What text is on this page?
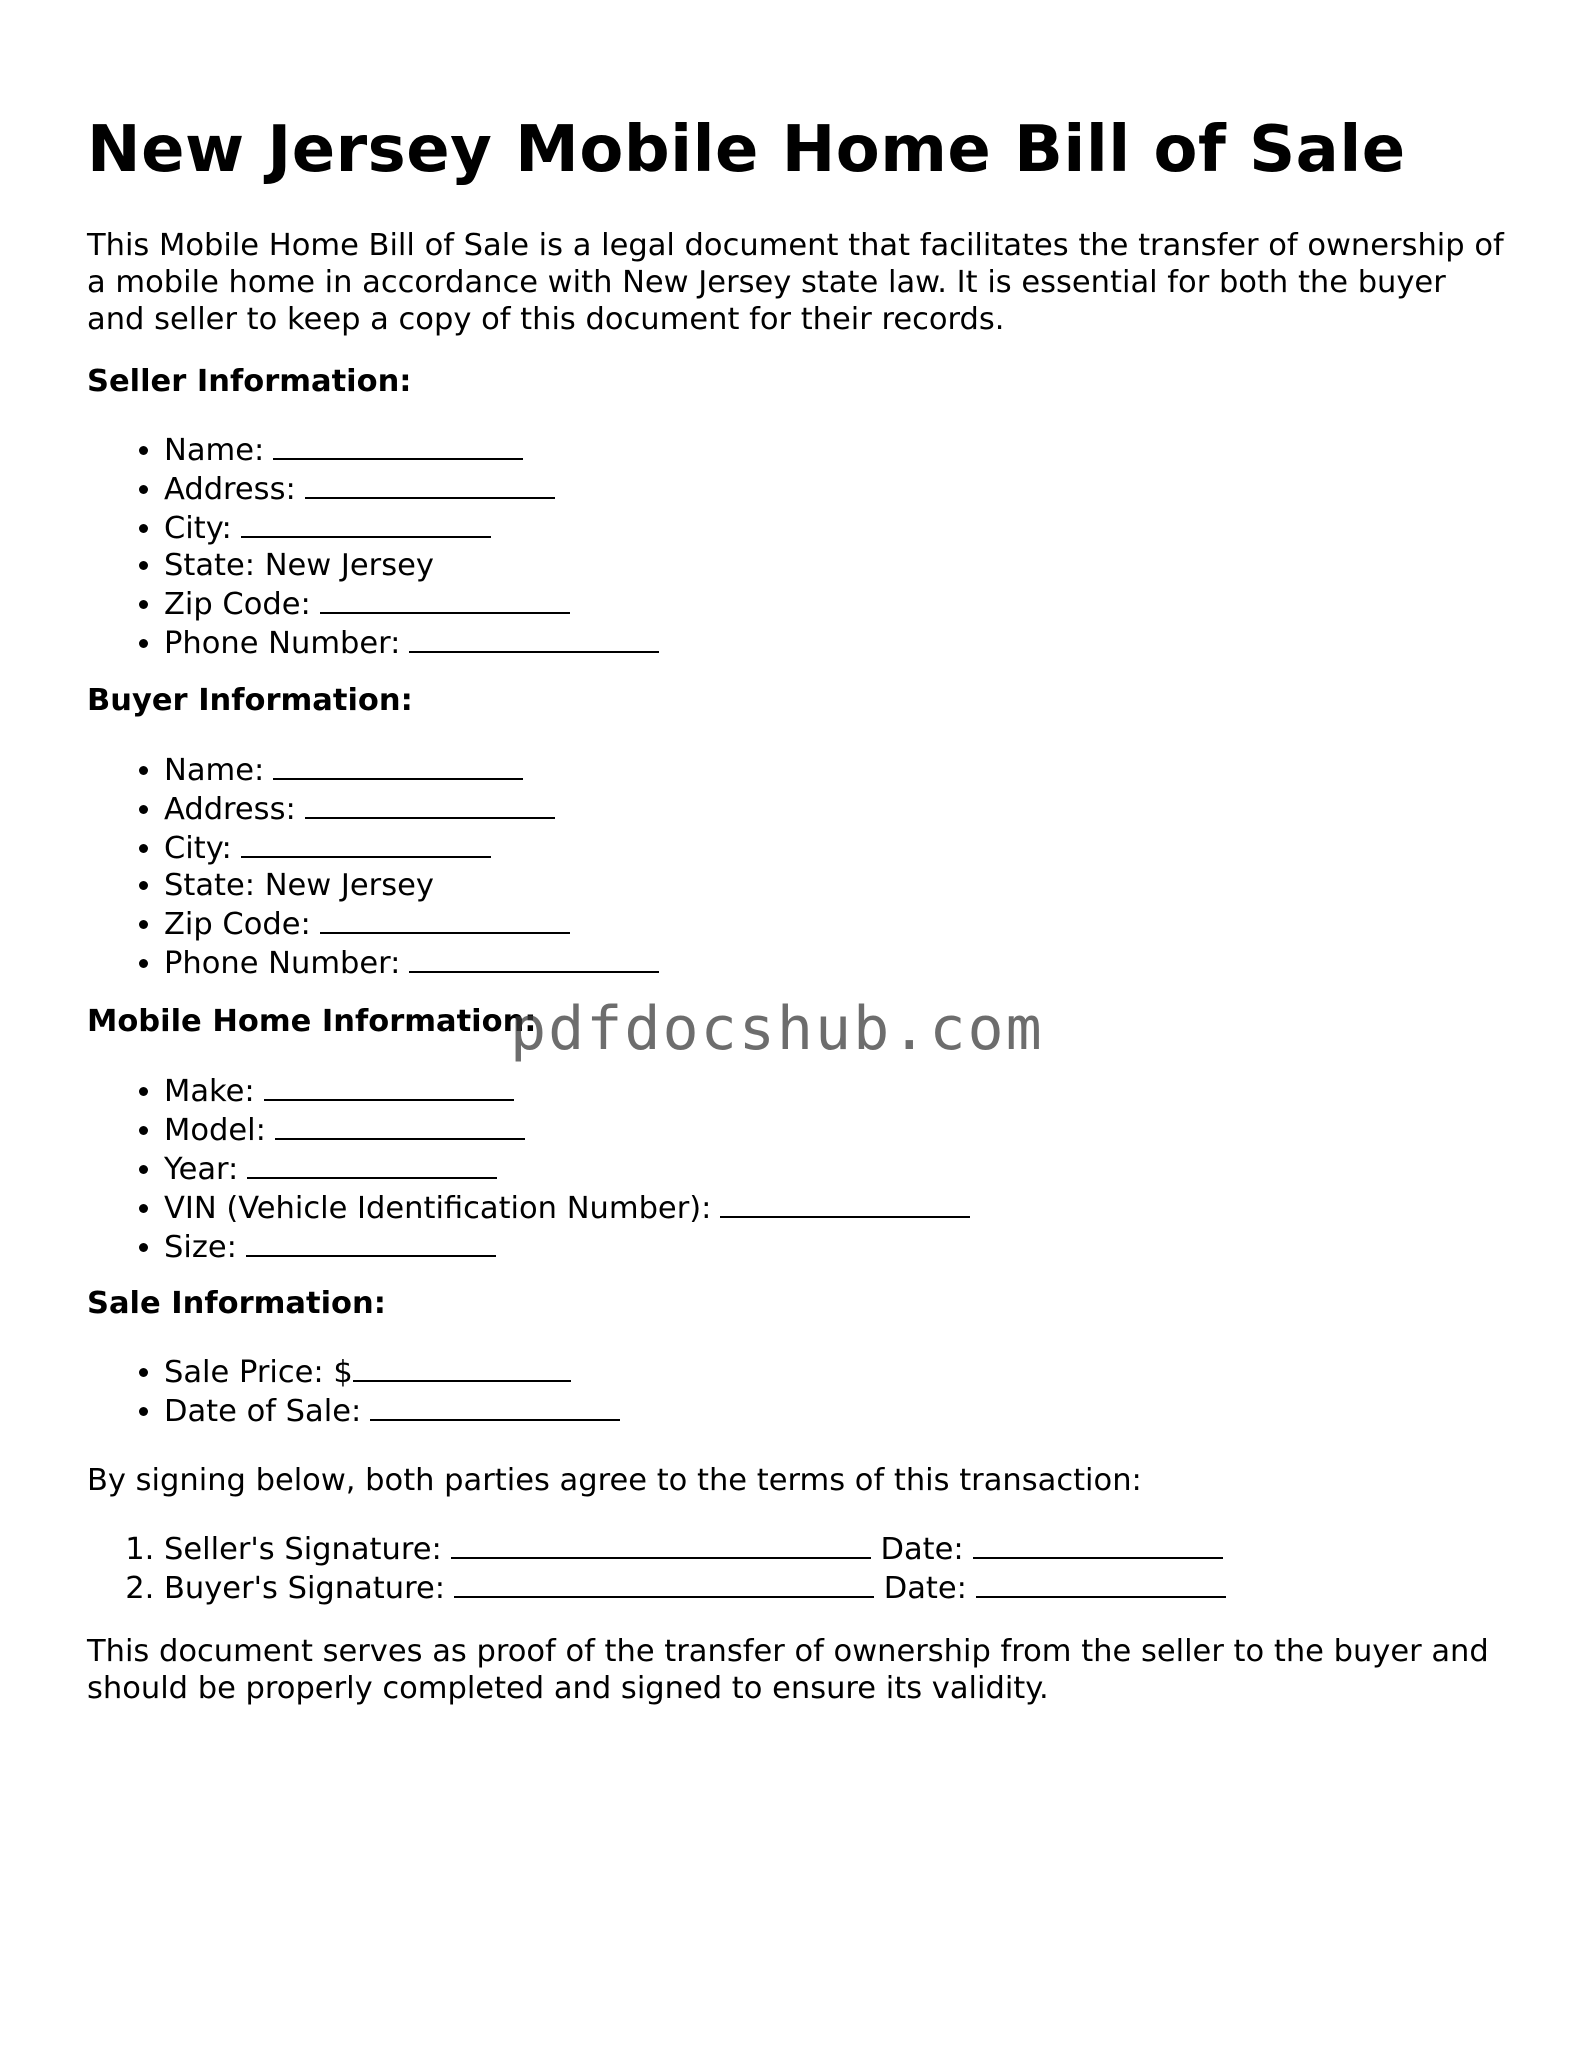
New Jersey Mobile Home Bill of Sale

This Mobile Home Bill of Sale is a legal document that facilitates the transfer of ownership of a mobile home in accordance with New Jersey state law. It is essential for both the buyer and seller to keep a copy of this document for their records.

Seller Information:

• Name:
• Address:
• City:
• State: New Jersey
• Zip Code:
• Phone Number:

Buyer Information:

• Name:
• Address:
• City:
• State: New Jersey
• Zip Code:
• Phone Number:

Mobile Home Information:

• Make:
• Model:
• Year:
• VIN (Vehicle Identification Number):
• Size:

Sale Information:

• Sale Price: $
• Date of Sale:

By signing below, both parties agree to the terms of this transaction:

1. Seller's Signature:	Date:
2. Buyer's Signature:	Date:

This document serves as proof of the transfer of ownership from the seller to the buyer and should be properly completed and signed to ensure its validity.

pdfdocshub.com
